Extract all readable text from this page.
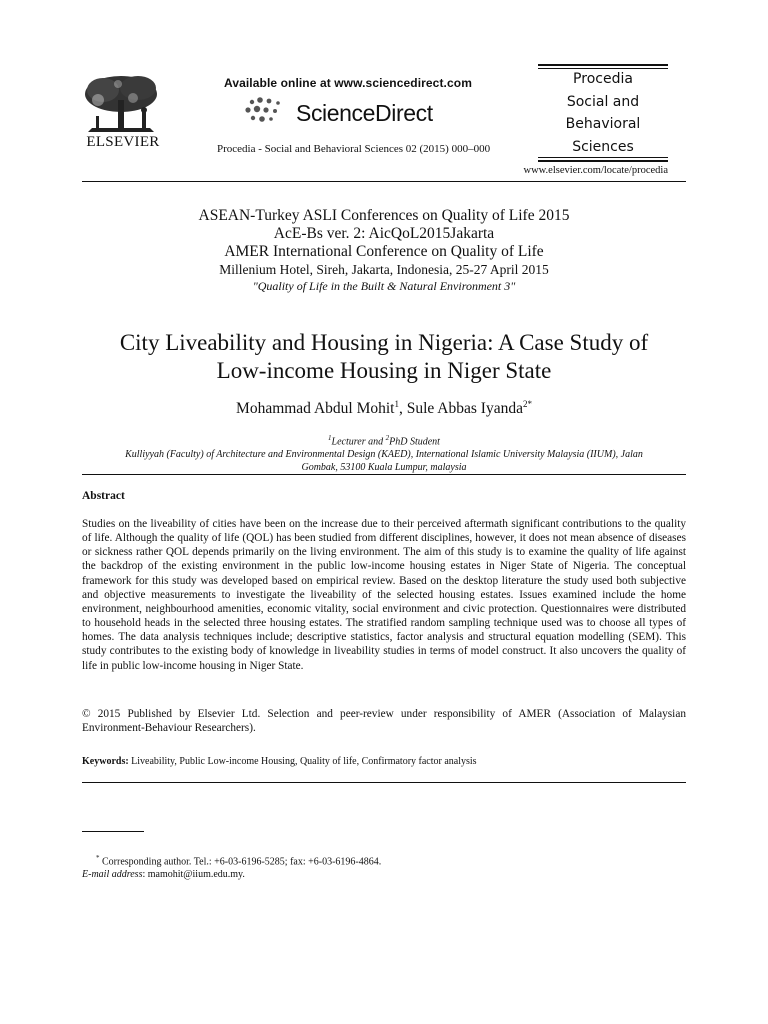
ELSEVIER
Available online at www.sciencedirect.com
ScienceDirect
Procedia - Social and Behavioral Sciences 02 (2015) 000–000
Procedia
Social and
Behavioral
Sciences
www.elsevier.com/locate/procedia
ASEAN-Turkey ASLI Conferences on Quality of Life 2015
AcE-Bs ver. 2: AicQoL2015Jakarta
AMER International Conference on Quality of Life
Millenium Hotel, Sireh, Jakarta, Indonesia, 25-27 April 2015
"Quality of Life in the Built & Natural Environment 3"
City Liveability and Housing in Nigeria: A Case Study of
Low-income Housing in Niger State
Mohammad Abdul Mohit$^1$, Sule Abbas Iyanda$^{2*}$
$^1$Lecturer and $^2$PhD Student
Kulliyyah (Faculty) of Architecture and Environmental Design (KAED), International Islamic University Malaysia (IIUM), Jalan
Gombak, 53100 Kuala Lumpur, malaysia
Abstract
Studies on the liveability of cities have been on the increase due to their perceived aftermath significant contributions to the quality of life. Although the quality of life (QOL) has been studied from different disciplines, however, it does not mean absence of diseases or sickness rather QOL depends primarily on the living environment. The aim of this study is to examine the quality of life against the backdrop of the existing environment in the public low-income housing estates in Niger State of Nigeria. The conceptual framework for this study was developed based on empirical review. Based on the desktop literature the study used both subjective and objective measurements to investigate the liveability of the selected housing estates. Issues examined include the home environment, neighbourhood amenities, economic vitality, social environment and civic protection. Questionnaires were distributed to household heads in the selected three housing estates. The stratified random sampling technique used was to choose all types of homes. The data analysis techniques include; descriptive statistics, factor analysis and structural equation modelling (SEM). This study contributes to the existing body of knowledge in liveability studies in terms of model construct. It also uncovers the quality of life in public low-income housing in Niger State.
© 2015 Published by Elsevier Ltd. Selection and peer-review under responsibility of AMER (Association of Malaysian Environment-Behaviour Researchers).
Keywords: Liveability, Public Low-income Housing, Quality of life, Confirmatory factor analysis
* Corresponding author. Tel.: +6-03-6196-5285; fax: +6-03-6196-4864.
E-mail address: mamohit@iium.edu.my.
